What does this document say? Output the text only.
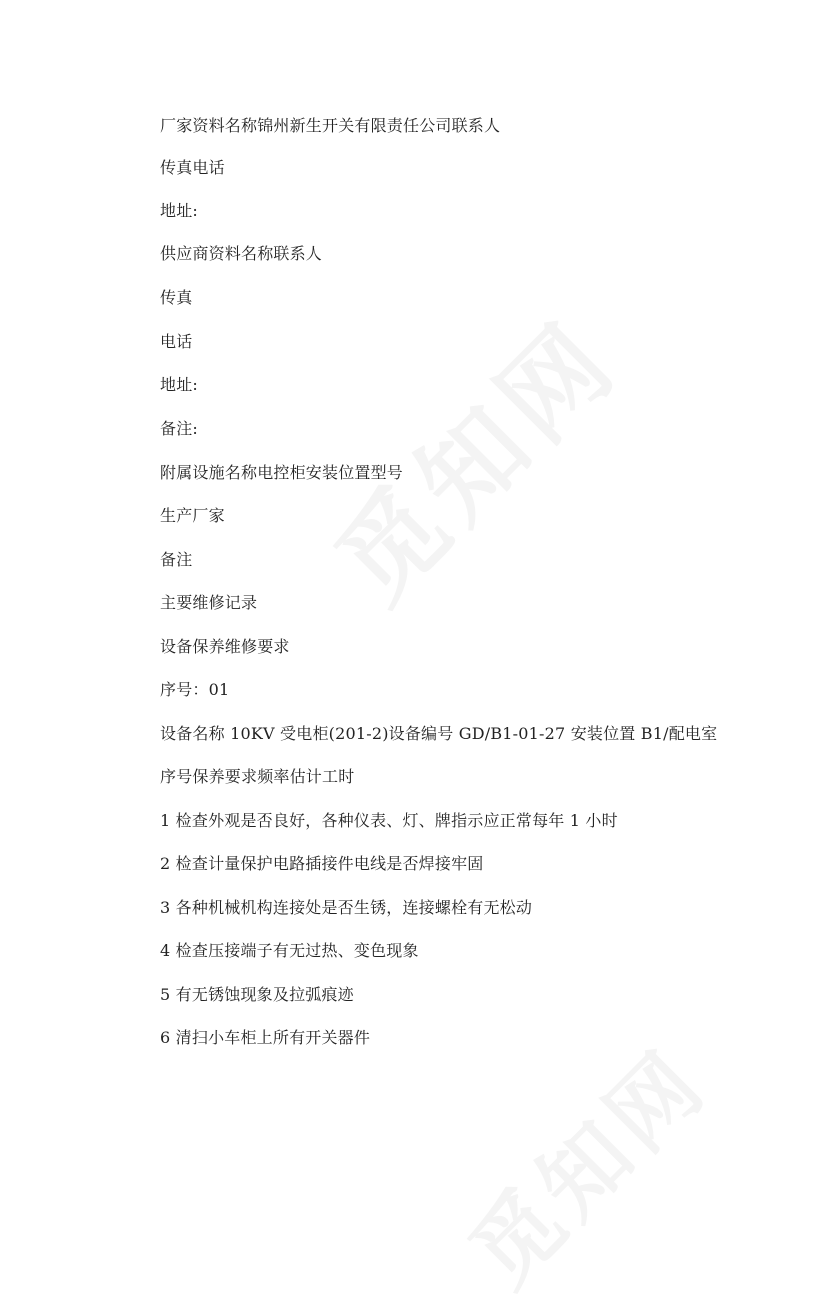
厂家资料名称锦州新生开关有限责任公司联系人
传真电话
地址:
供应商资料名称联系人
传真
电话
地址:
备注:
附属设施名称电控柜安装位置型号
生产厂家
备注
主要维修记录
设备保养维修要求
序号：01
设备名称 10KV 受电柜(201-2)设备编号 GD/B1-01-27 安装位置 B1/配电室
序号保养要求频率估计工时
1 检查外观是否良好，各种仪表、灯、牌指示应正常每年 1 小时
2 检查计量保护电路插接件电线是否焊接牢固
3 各种机械机构连接处是否生锈，连接螺栓有无松动
4 检查压接端子有无过热、变色现象
5 有无锈蚀现象及拉弧痕迹
6 清扫小车柜上所有开关器件
